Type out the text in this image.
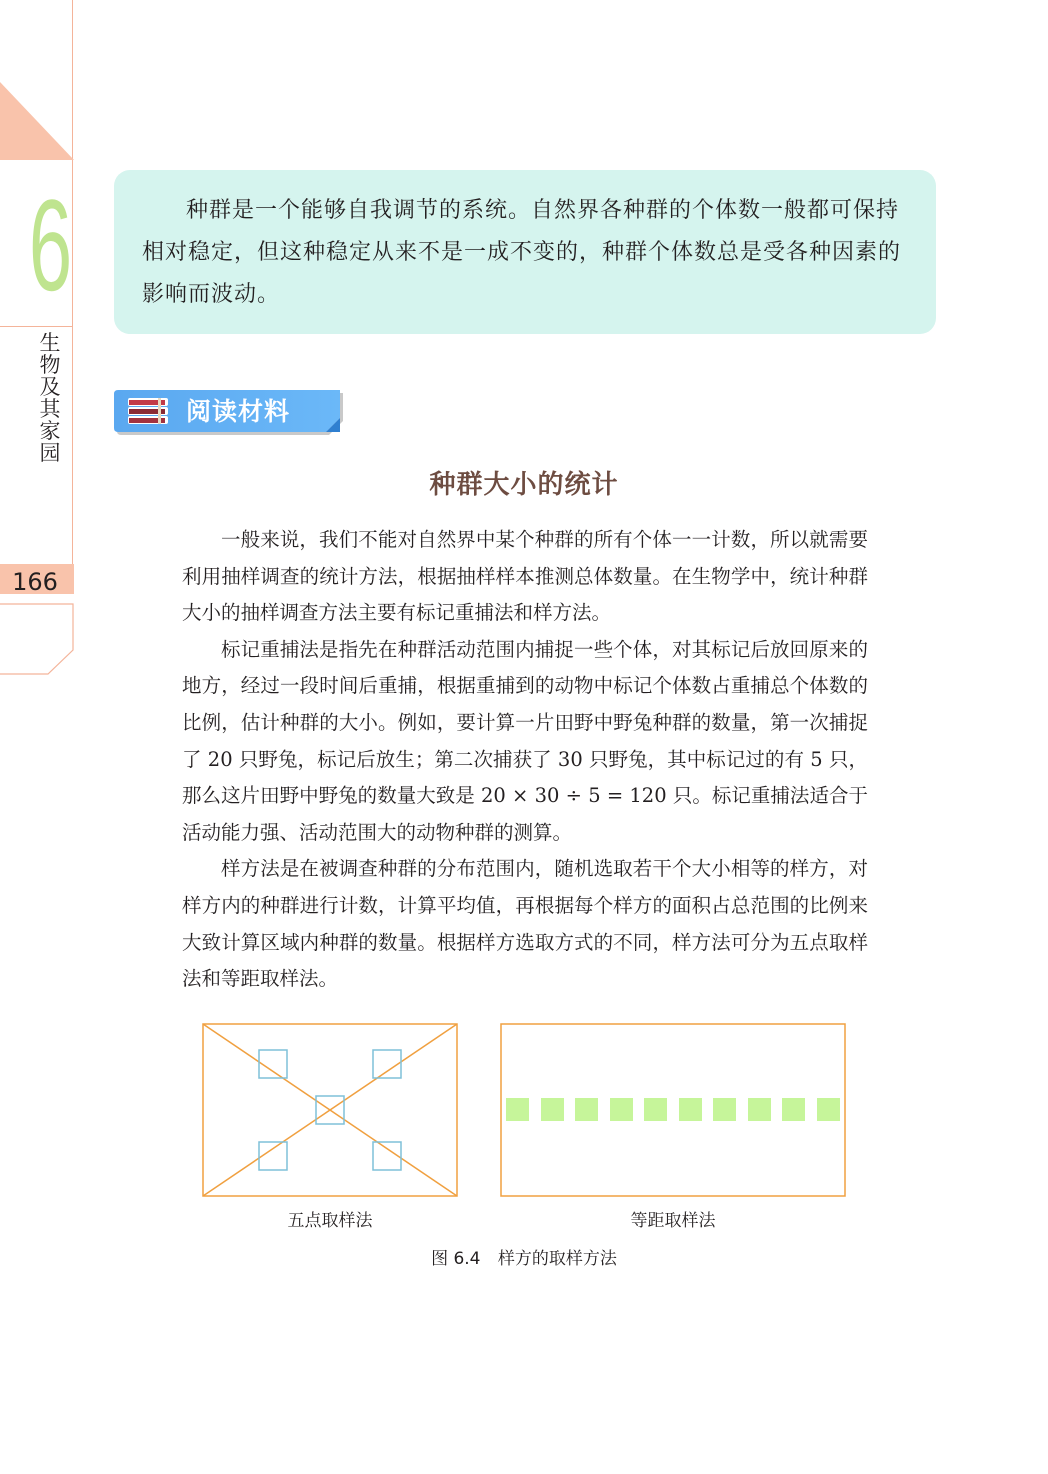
6
生物及其家园
166

种群是一个能够自我调节的系统。自然界各种群的个体数一般都可保持相对稳定，但这种稳定从来不是一成不变的，种群个体数总是受各种因素的影响而波动。

阅读材料
种群大小的统计

一般来说，我们不能对自然界中某个种群的所有个体一一计数，所以就需要利用抽样调查的统计方法，根据抽样样本推测总体数量。在生物学中，统计种群大小的抽样调查方法主要有标记重捕法和样方法。

标记重捕法是指先在种群活动范围内捕捉一些个体，对其标记后放回原来的地方，经过一段时间后重捕，根据重捕到的动物中标记个体数占重捕总个体数的比例，估计种群的大小。例如，要计算一片田野中野兔种群的数量，第一次捕捉了 20 只野兔，标记后放生；第二次捕获了 30 只野兔，其中标记过的有 5 只，那么这片田野中野兔的数量大致是 20 × 30 ÷ 5 = 120 只。标记重捕法适合于活动能力强、活动范围大的动物种群的测算。

样方法是在被调查种群的分布范围内，随机选取若干个大小相等的样方，对样方内的种群进行计数，计算平均值，再根据每个样方的面积占总范围的比例来大致计算区域内种群的数量。根据样方选取方式的不同，样方法可分为五点取样法和等距取样法。

五点取样法	等距取样法
图 6.4 样方的取样方法
